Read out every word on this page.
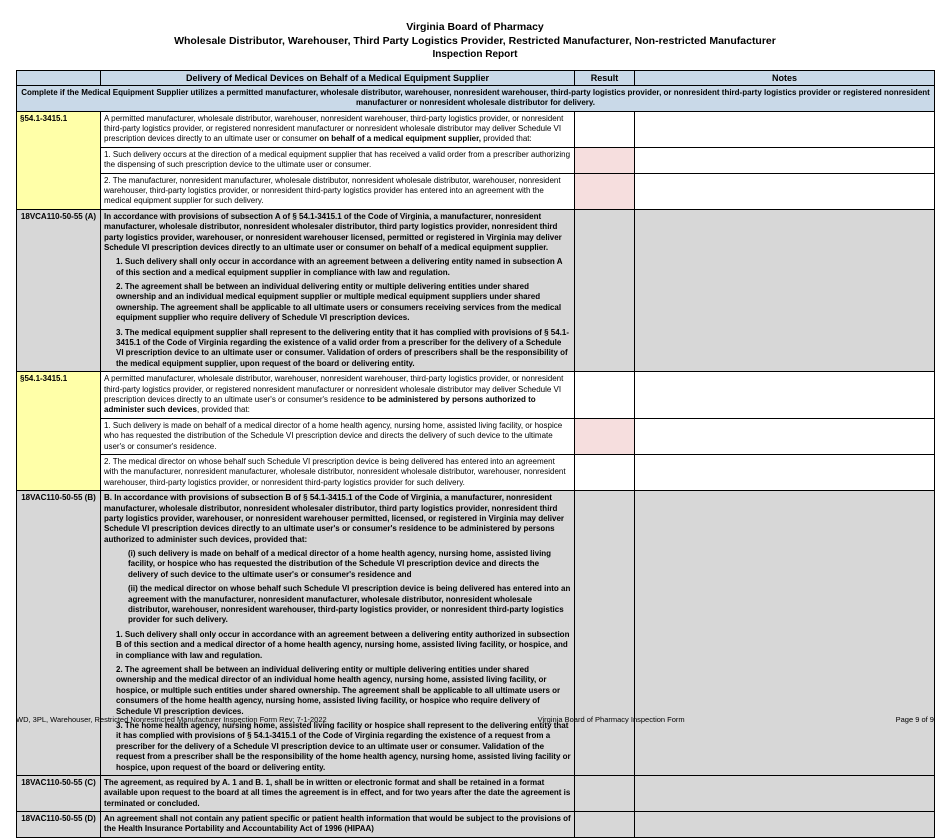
Virginia Board of Pharmacy
Wholesale Distributor, Warehouser, Third Party Logistics Provider, Restricted Manufacturer, Non-restricted Manufacturer
Inspection Report
	Delivery of Medical Devices on Behalf of a Medical Equipment Supplier	Result	Notes
Complete if the Medical Equipment Supplier utilizes a permitted manufacturer, wholesale distributor, warehouser, nonresident warehouser, third-party logistics provider, or nonresident third-party logistics provider or registered nonresident manufacturer or nonresident wholesale distributor for delivery.			
§54.1-3415.1	A permitted manufacturer, wholesale distributor, warehouser, nonresident warehouser, third-party logistics provider, or nonresident third-party logistics provider, or registered nonresident manufacturer or nonresident wholesale distributor may deliver Schedule VI prescription devices directly to an ultimate user or consumer on behalf of a medical equipment supplier, provided that:		
	1. Such delivery occurs at the direction of a medical equipment supplier that has received a valid order from a prescriber authorizing the dispensing of such prescription device to the ultimate user or consumer.		
	2. The manufacturer, nonresident manufacturer, wholesale distributor, nonresident wholesale distributor, warehouser, nonresident warehouser, third-party logistics provider, or nonresident third-party logistics provider has entered into an agreement with the medical equipment supplier for such delivery.		
18VCA110-50-55 (A)	In accordance with provisions of subsection A of § 54.1-3415.1 of the Code of Virginia, a manufacturer, nonresident manufacturer, wholesale distributor, nonresident wholesaler distributor, third party logistics provider, nonresident third party logistics provider, warehouser, or nonresident warehouser licensed, permitted or registered in Virginia may deliver Schedule VI prescription devices directly to an ultimate user or consumer on behalf of a medical equipment supplier.

1. Such delivery shall only occur in accordance with an agreement between a delivering entity named in subsection A of this section and a medical equipment supplier in compliance with law and regulation.

2. The agreement shall be between an individual delivering entity or multiple delivering entities under shared ownership and an individual medical equipment supplier or multiple medical equipment suppliers under shared ownership. The agreement shall be applicable to all ultimate users or consumers receiving services from the medical equipment supplier who require delivery of Schedule VI prescription devices.

3. The medical equipment supplier shall represent to the delivering entity that it has complied with provisions of § 54.1-3415.1 of the Code of Virginia regarding the existence of a valid order from a prescriber for the delivery of a Schedule VI prescription device to an ultimate user or consumer. Validation of orders of prescribers shall be the responsibility of the medical equipment supplier, upon request of the board or delivering entity.		

§54.1-3415.1	A permitted manufacturer, wholesale distributor, warehouser, nonresident warehouser, third-party logistics provider, or nonresident third-party logistics provider, or registered nonresident manufacturer or nonresident wholesale distributor may deliver Schedule VI prescription devices directly to an ultimate user's or consumer's residence to be administered by persons authorized to administer such devices, provided that:		
	1. Such delivery is made on behalf of a medical director of a home health agency, nursing home, assisted living facility, or hospice who has requested the distribution of the Schedule VI prescription device and directs the delivery of such device to the ultimate user's or consumer's residence.		
	2. The medical director on whose behalf such Schedule VI prescription device is being delivered has entered into an agreement with the manufacturer, nonresident manufacturer, wholesale distributor, nonresident wholesale distributor, warehouser, nonresident warehouser, third-party logistics provider, or nonresident third-party logistics provider for such delivery.		
18VAC110-50-55 (B)	B. In accordance with provisions of subsection B of § 54.1-3415.1 of the Code of Virginia, a manufacturer, nonresident manufacturer, wholesale distributor, nonresident wholesaler distributor, third party logistics provider, nonresident third party logistics provider, warehouser, or nonresident warehouser permitted, licensed, or registered in Virginia may deliver Schedule VI prescription devices directly to an ultimate user's or consumer's residence to be administered by persons authorized to administer such devices, provided that:

(i) such delivery is made on behalf of a medical director of a home health agency, nursing home, assisted living facility, or hospice who has requested the distribution of the Schedule VI prescription device and directs the delivery of such device to the ultimate user's or consumer's residence and

(ii) the medical director on whose behalf such Schedule VI prescription device is being delivered has entered into an agreement with the manufacturer, nonresident manufacturer, wholesale distributor, nonresident wholesale distributor, warehouser, nonresident warehouser, third-party logistics provider, or nonresident third-party logistics provider for such delivery.

1. Such delivery shall only occur in accordance with an agreement between a delivering entity authorized in subsection B of this section and a medical director of a home health agency, nursing home, assisted living facility, or hospice, and in compliance with law and regulation.

2. The agreement shall be between an individual delivering entity or multiple delivering entities under shared ownership and the medical director of an individual home health agency, nursing home, assisted living facility, or hospice, or multiple such entities under shared ownership. The agreement shall be applicable to all ultimate users or consumers of the home health agency, nursing home, assisted living facility, or hospice who require delivery of Schedule VI prescription devices.

3. The home health agency, nursing home, assisted living facility or hospice shall represent to the delivering entity that it has complied with provisions of § 54.1-3415.1 of the Code of Virginia regarding the existence of a request from a prescriber for the delivery of a Schedule VI prescription device to an ultimate user or consumer. Validation of the request from a prescriber shall be the responsibility of the home health agency, nursing home, assisted living facility or hospice, upon request of the board or delivering entity.

18VAC110-50-55 (C)	The agreement, as required by A. 1 and B. 1, shall be in written or electronic format and shall be retained in a format available upon request to the board at all times the agreement is in effect, and for two years after the date the agreement is terminated or concluded.		
18VAC110-50-55 (D)	An agreement shall not contain any patient specific or patient health information that would be subject to the provisions of the Health Insurance Portability and Accountability Act of 1996 (HIPAA)		
WD, 3PL, Warehouser, Restricted Nonrestricted Manufacturer Inspection Form Rev: 7-1-2022	Virginia Board of Pharmacy Inspection Form	Page 9 of 9
